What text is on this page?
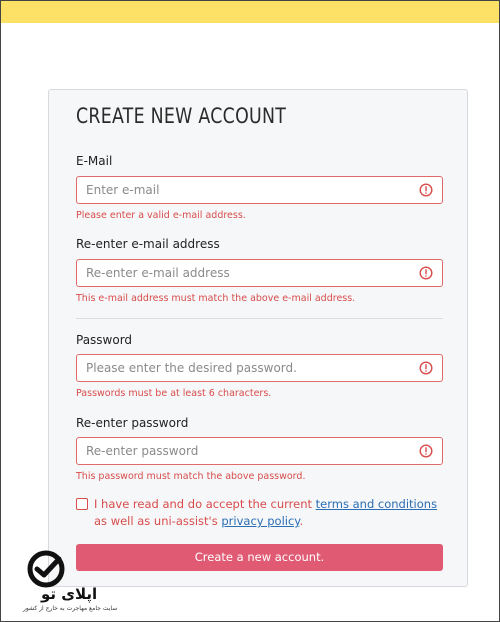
CREATE NEW ACCOUNT
E-Mail
Enter e-mail
Please enter a valid e-mail address.
Re-enter e-mail address
Re-enter e-mail address
This e-mail address must match the above e-mail address.
Password
Please enter the desired password.
Passwords must be at least 6 characters.
Re-enter password
Re-enter password
This password must match the above password.
I have read and do accept the current terms and conditions as well as uni-assist's privacy policy.
Create a new account.
اپلای تو
سایت جامع مهاجرت به خارج از کشور
